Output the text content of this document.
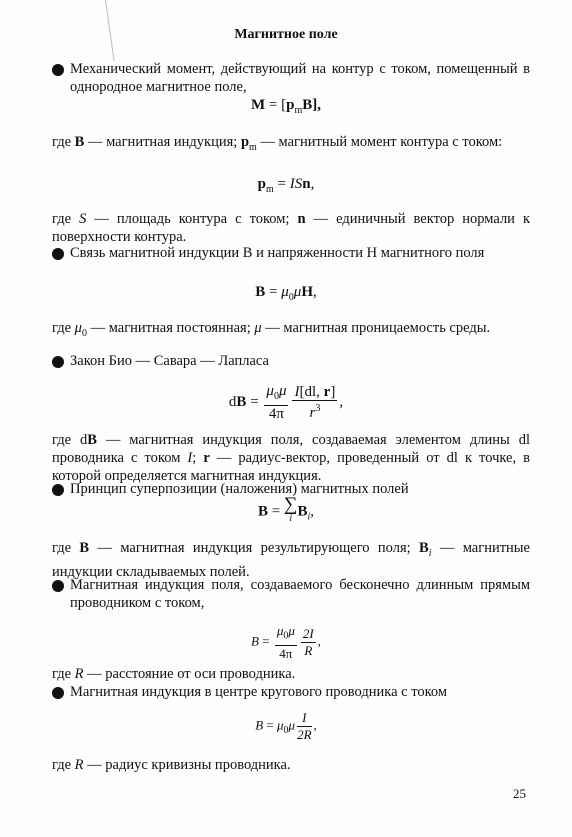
Магнитное поле
Механический момент, действующий на контур с током, помещенный в однородное магнитное поле,
$M = [p_mB]$,
где B — магнитная индукция; $p_m$ — магнитный момент контура с током:
$p_m$ = ISn,
где S — площадь контура с током; n — единичный вектор нормали к поверхности контура.
Связь магнитной индукции B и напряженности H магнитного поля
$B = \mu_0\mu H$,
где $\mu_0$ — магнитная постоянная; μ — магнитная проницаемость среды.
Закон Био — Савара — Лапласа
dB = $\frac{\mu_0\mu}{4\pi} \frac{I[dl, r]}{r^3}$ ,
где dB — магнитная индукция поля, создаваемая элементом длины dl проводника с током I; r — радиус-вектор, проведенный от dl к точке, в которой определяется магнитная индукция.
Принцип суперпозиции (наложения) магнитных полей
B = ∑
i $B_i$,
где B — магнитная индукция результирующего поля; $B_i$ — магнитные индукции складываемых полей.
Магнитная индукция поля, создаваемого бесконечно длинным прямым проводником с током,
$B = \frac{\mu_0\mu}{4\pi} \frac{2I}{R}$ ,
где R — расстояние от оси проводника.
Магнитная индукция в центре кругового проводника с током
$B = \mu_0\mu \frac{I}{2R}$ ,
где R — радиус кривизны проводника.
25
